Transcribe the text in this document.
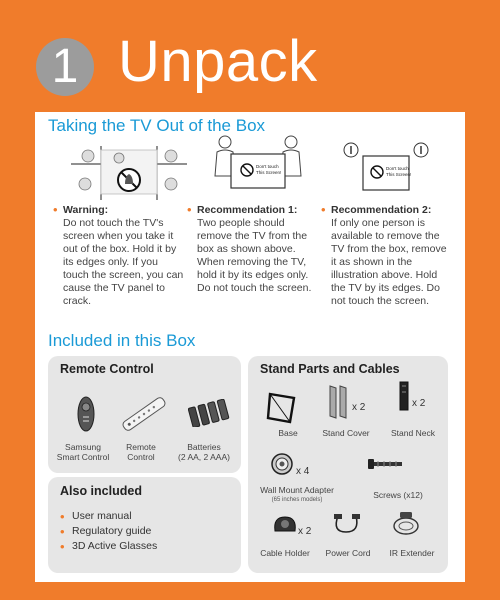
1 Unpack
Taking the TV Out of the Box
Don't touch
This Screen!
Don't touch
This Screen!
• Warning:
Do not touch the TV's screen when you take it out of the box. Hold it by its edges only. If you touch the screen, you can cause the TV panel to crack.
• Recommendation 1:
Two people should remove the TV from the box as shown above. When removing the TV, hold it by its edges only. Do not touch the screen.
• Recommendation 2:
If only one person is available to remove the TV from the box, remove it as shown in the illustration above. Hold the TV by its edges. Do not touch the screen.
Included in this Box
Remote Control
Samsung
Smart Control
Remote
Control
Batteries
(2 AA, 2 AAA)
Also included
• User manual
• Regulatory guide
• 3D Active Glasses
Stand Parts and Cables
x 2	x 2
Base	Stand Cover	Stand Neck
x 4
Wall Mount Adapter
(65 inches models)	Screws (x12)
x 2
Cable Holder	Power Cord	IR Extender
